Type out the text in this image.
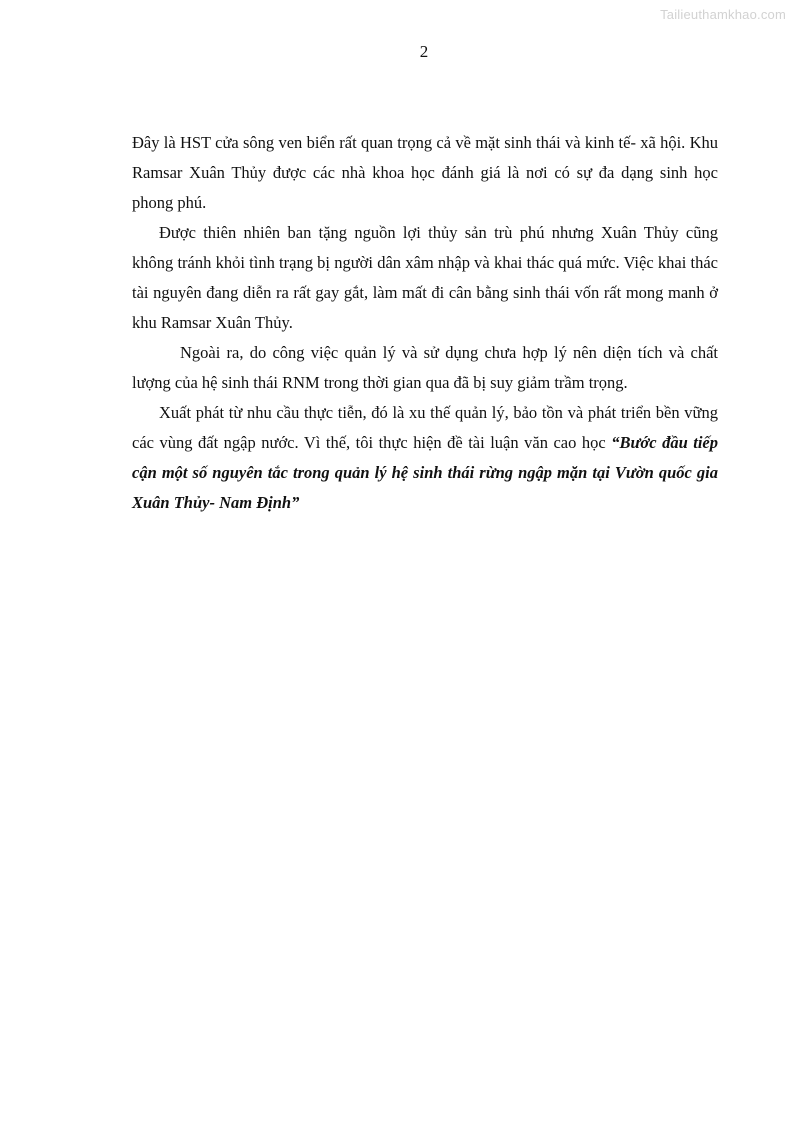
Tailieuthamkhao.com
2

Đây là HST cửa sông ven biển rất quan trọng cả về mặt sinh thái và kinh tế- xã hội. Khu Ramsar Xuân Thủy được các nhà khoa học đánh giá là nơi có sự đa dạng sinh học phong phú.

Được thiên nhiên ban tặng nguồn lợi thủy sản trù phú nhưng Xuân Thủy cũng không tránh khỏi tình trạng bị người dân xâm nhập và khai thác quá mức. Việc khai thác tài nguyên đang diễn ra rất gay gắt, làm mất đi cân bằng sinh thái vốn rất mong manh ở khu Ramsar Xuân Thủy.

Ngoài ra, do công việc quản lý và sử dụng chưa hợp lý nên diện tích và chất lượng của hệ sinh thái RNM trong thời gian qua đã bị suy giảm trầm trọng.

Xuất phát từ nhu cầu thực tiễn, đó là xu thế quản lý, bảo tồn và phát triển bền vững các vùng đất ngập nước. Vì thế, tôi thực hiện đề tài luận văn cao học “Bước đầu tiếp cận một số nguyên tắc trong quản lý hệ sinh thái rừng ngập mặn tại Vườn quốc gia Xuân Thủy- Nam Định”
